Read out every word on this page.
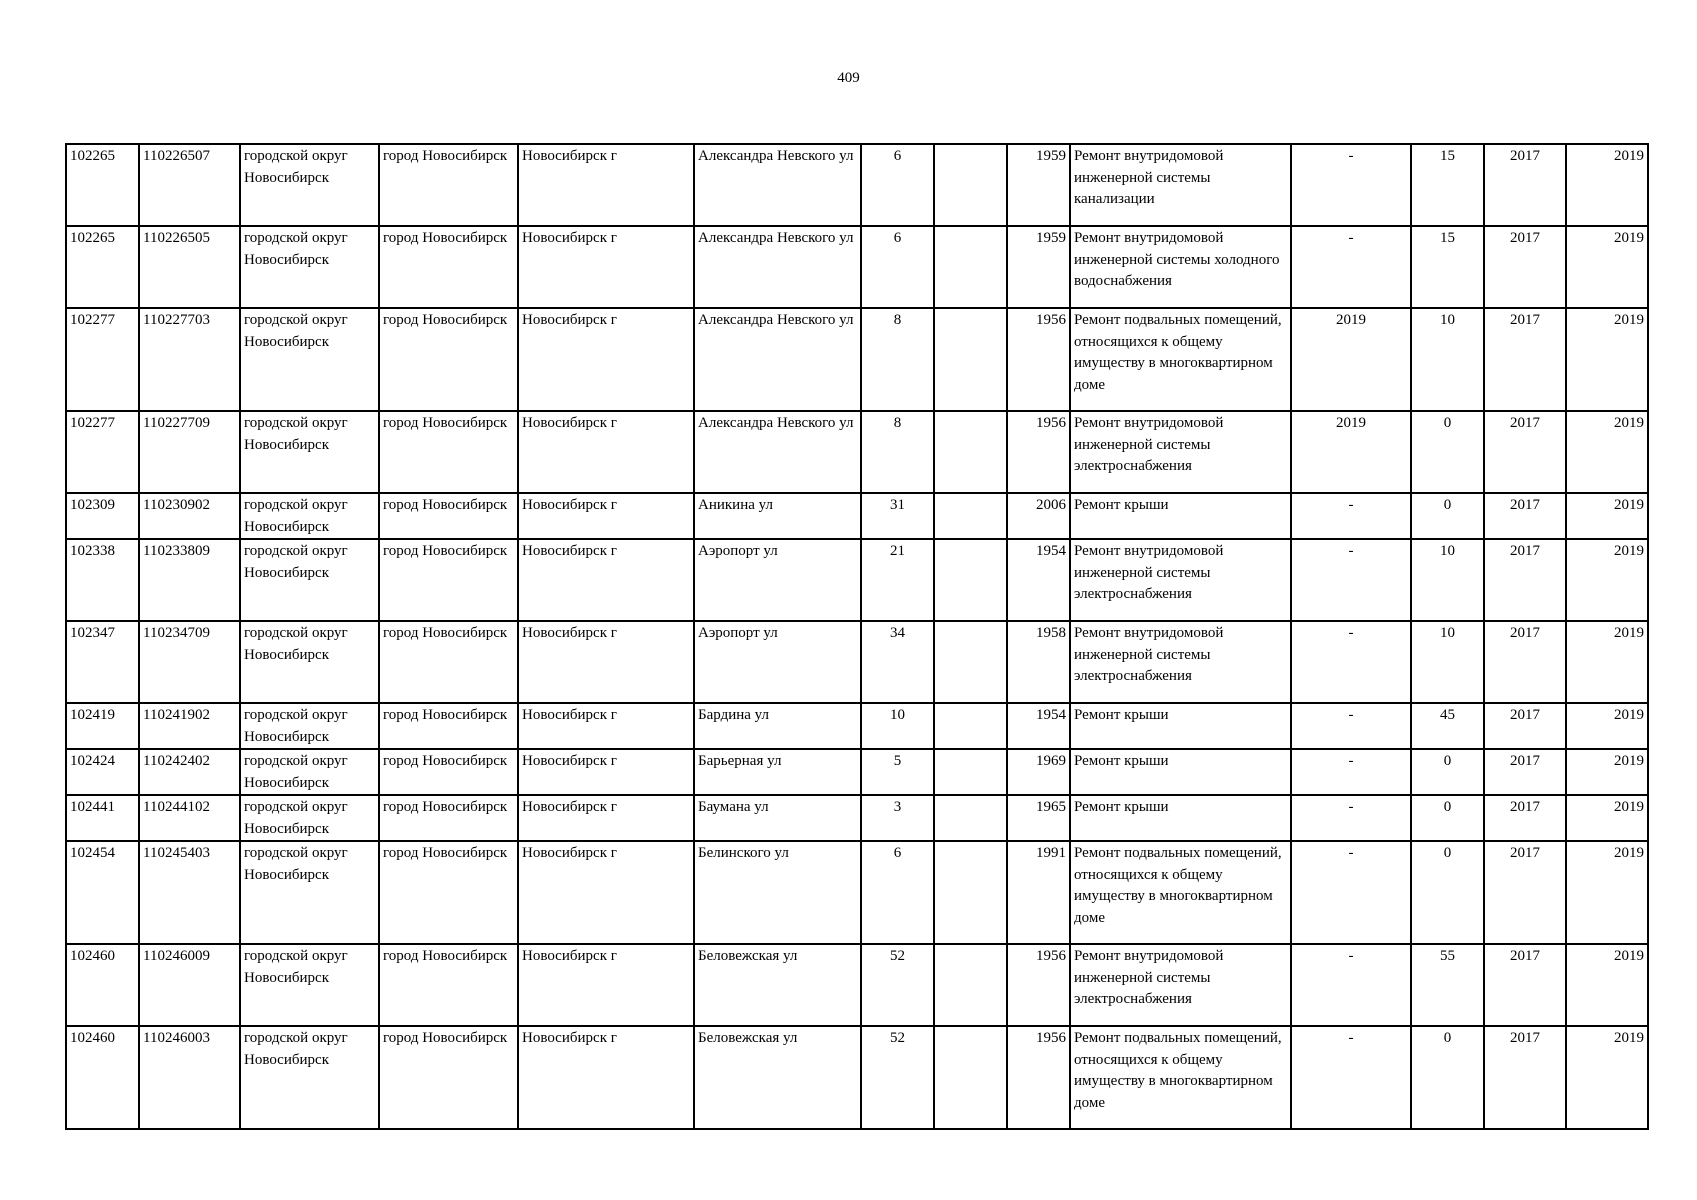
409
102265	110226507	городской округ Новосибирск	город Новосибирск	Новосибирск г	Александра Невского ул	6		1959	Ремонт внутридомовой инженерной системы канализации	-	15	2017	2019
102265	110226505	городской округ Новосибирск	город Новосибирск	Новосибирск г	Александра Невского ул	6		1959	Ремонт внутридомовой инженерной системы холодного водоснабжения	-	15	2017	2019
102277	110227703	городской округ Новосибирск	город Новосибирск	Новосибирск г	Александра Невского ул	8		1956	Ремонт подвальных помещений, относящихся к общему имуществу в многоквартирном доме	2019	10	2017	2019
102277	110227709	городской округ Новосибирск	город Новосибирск	Новосибирск г	Александра Невского ул	8		1956	Ремонт внутридомовой инженерной системы электроснабжения	2019	0	2017	2019
102309	110230902	городской округ Новосибирск	город Новосибирск	Новосибирск г	Аникина ул	31		2006	Ремонт крыши	-	0	2017	2019
102338	110233809	городской округ Новосибирск	город Новосибирск	Новосибирск г	Аэропорт ул	21		1954	Ремонт внутридомовой инженерной системы электроснабжения	-	10	2017	2019
102347	110234709	городской округ Новосибирск	город Новосибирск	Новосибирск г	Аэропорт ул	34		1958	Ремонт внутридомовой инженерной системы электроснабжения	-	10	2017	2019
102419	110241902	городской округ Новосибирск	город Новосибирск	Новосибирск г	Бардина ул	10		1954	Ремонт крыши	-	45	2017	2019
102424	110242402	городской округ Новосибирск	город Новосибирск	Новосибирск г	Барьерная ул	5		1969	Ремонт крыши	-	0	2017	2019
102441	110244102	городской округ Новосибирск	город Новосибирск	Новосибирск г	Баумана ул	3		1965	Ремонт крыши	-	0	2017	2019
102454	110245403	городской округ Новосибирск	город Новосибирск	Новосибирск г	Белинского ул	6		1991	Ремонт подвальных помещений, относящихся к общему имуществу в многоквартирном доме	-	0	2017	2019
102460	110246009	городской округ Новосибирск	город Новосибирск	Новосибирск г	Беловежская ул	52		1956	Ремонт внутридомовой инженерной системы электроснабжения	-	55	2017	2019
102460	110246003	городской округ Новосибирск	город Новосибирск	Новосибирск г	Беловежская ул	52		1956	Ремонт подвальных помещений, относящихся к общему имуществу в многоквартирном доме	-	0	2017	2019
